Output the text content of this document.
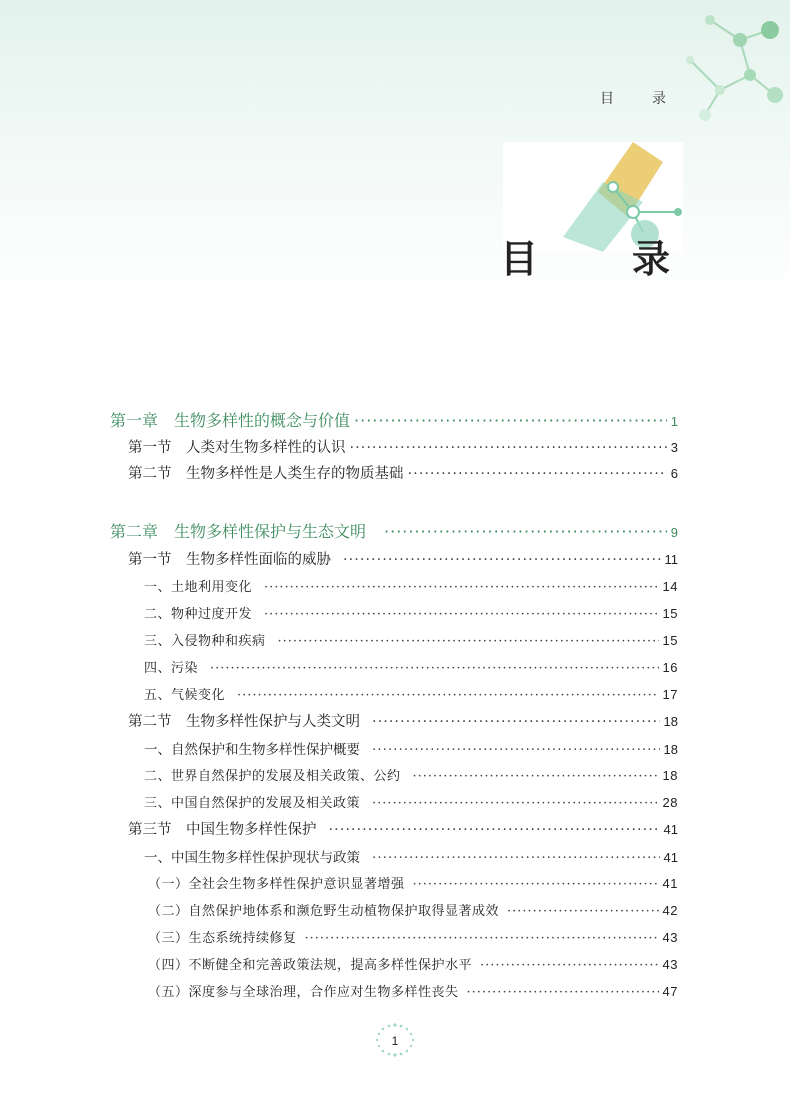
目　录
目　录
第一章　生物多样性的概念与价值 ·····	1
第一节　人类对生物多样性的认识 ·····	3
第二节　生物多样性是人类生存的物质基础 ·····	6
第二章　生物多样性保护与生态文明 ·····	9
第一节　生物多样性面临的威胁 ·····	11
一、土地利用变化 ·····	14
二、物种过度开发 ·····	15
三、入侵物种和疾病 ·····	15
四、污染 ·····	16
五、气候变化 ·····	17
第二节　生物多样性保护与人类文明 ·····	18
一、自然保护和生物多样性保护概要 ·····	18
二、世界自然保护的发展及相关政策、公约 ·····	18
三、中国自然保护的发展及相关政策 ·····	28
第三节　中国生物多样性保护 ·····	41
一、中国生物多样性保护现状与政策 ·····	41
（一）全社会生物多样性保护意识显著增强 ·····	41
（二）自然保护地体系和濒危野生动植物保护取得显著成效 ·····	42
（三）生态系统持续修复 ·····	43
（四）不断健全和完善政策法规，提高多样性保护水平 ·····	43
（五）深度参与全球治理，合作应对生物多样性丧失 ·····	47
1
